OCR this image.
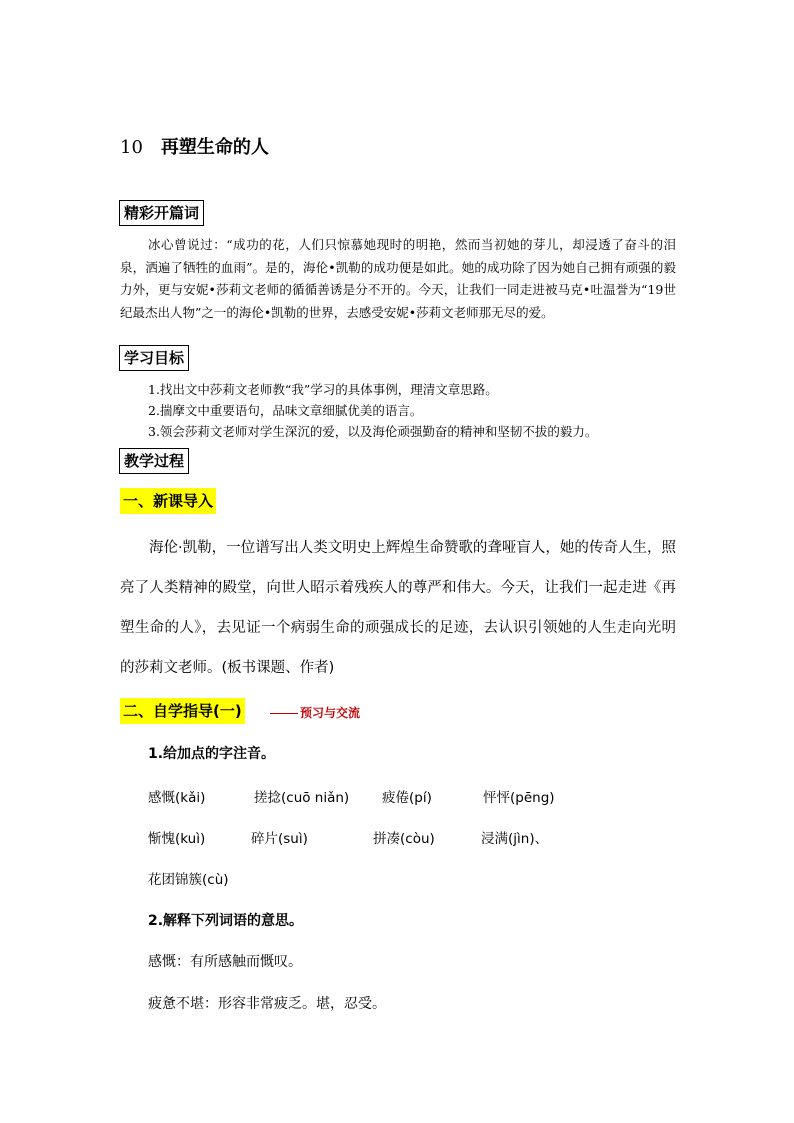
10 再塑生命的人
精彩开篇词
冰心曾说过：“成功的花，人们只惊慕她现时的明艳，然而当初她的芽儿，却浸透了奋斗的泪泉，洒遍了牺牲的血雨”。是的，海伦•凯勒的成功便是如此。她的成功除了因为她自己拥有顽强的毅力外，更与安妮•莎莉文老师的循循善诱是分不开的。今天，让我们一同走进被马克•吐温誉为“19世纪最杰出人物”之一的海伦•凯勒的世界，去感受安妮•莎莉文老师那无尽的爱。
学习目标
1.找出文中莎莉文老师教“我”学习的具体事例，理清文章思路。
2.揣摩文中重要语句，品味文章细腻优美的语言。
3.领会莎莉文老师对学生深沉的爱，以及海伦顽强勤奋的精神和坚韧不拔的毅力。
教学过程
一、新课导入
海伦·凯勒，一位谱写出人类文明史上辉煌生命赞歌的聋哑盲人，她的传奇人生，照亮了人类精神的殿堂，向世人昭示着残疾人的尊严和伟大。今天，让我们一起走进《再塑生命的人》，去见证一个病弱生命的顽强成长的足迹，去认识引领她的人生走向光明的莎莉文老师。(板书课题、作者)
二、自学指导(一)	预习与交流
1.给加点的字注音。
感慨(kǎi)	搓捻(cuō niǎn) 疲倦(pí)	怦怦(pēng)
惭愧(kuì)	碎片(suì)	拼凑(còu)	浸满(jìn)、
花团锦簇(cù)
2.解释下列词语的意思。
感慨：有所感触而慨叹。
疲惫不堪：形容非常疲乏。堪，忍受。
